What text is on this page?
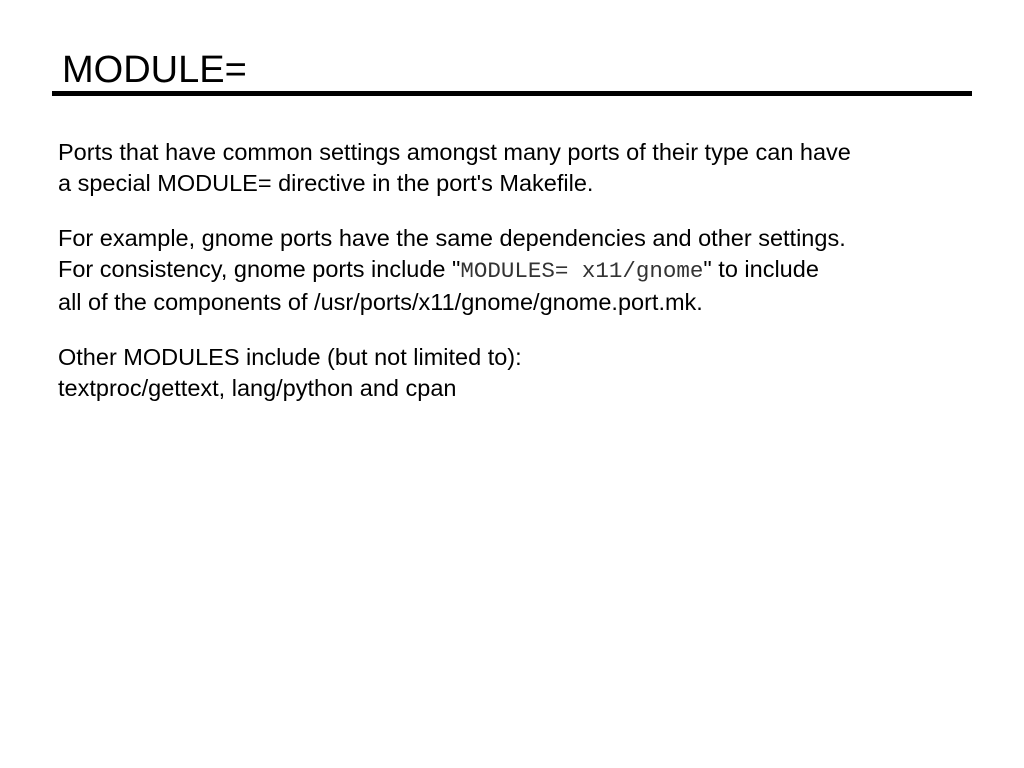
MODULE=

Ports that have common settings amongst many ports of their type can have
a special MODULE= directive in the port's Makefile.

For example, gnome ports have the same dependencies and other settings.
For consistency, gnome ports include "MODULES= x11/gnome" to include
all of the components of /usr/ports/x11/gnome/gnome.port.mk.

Other MODULES include (but not limited to):
textproc/gettext, lang/python and cpan
